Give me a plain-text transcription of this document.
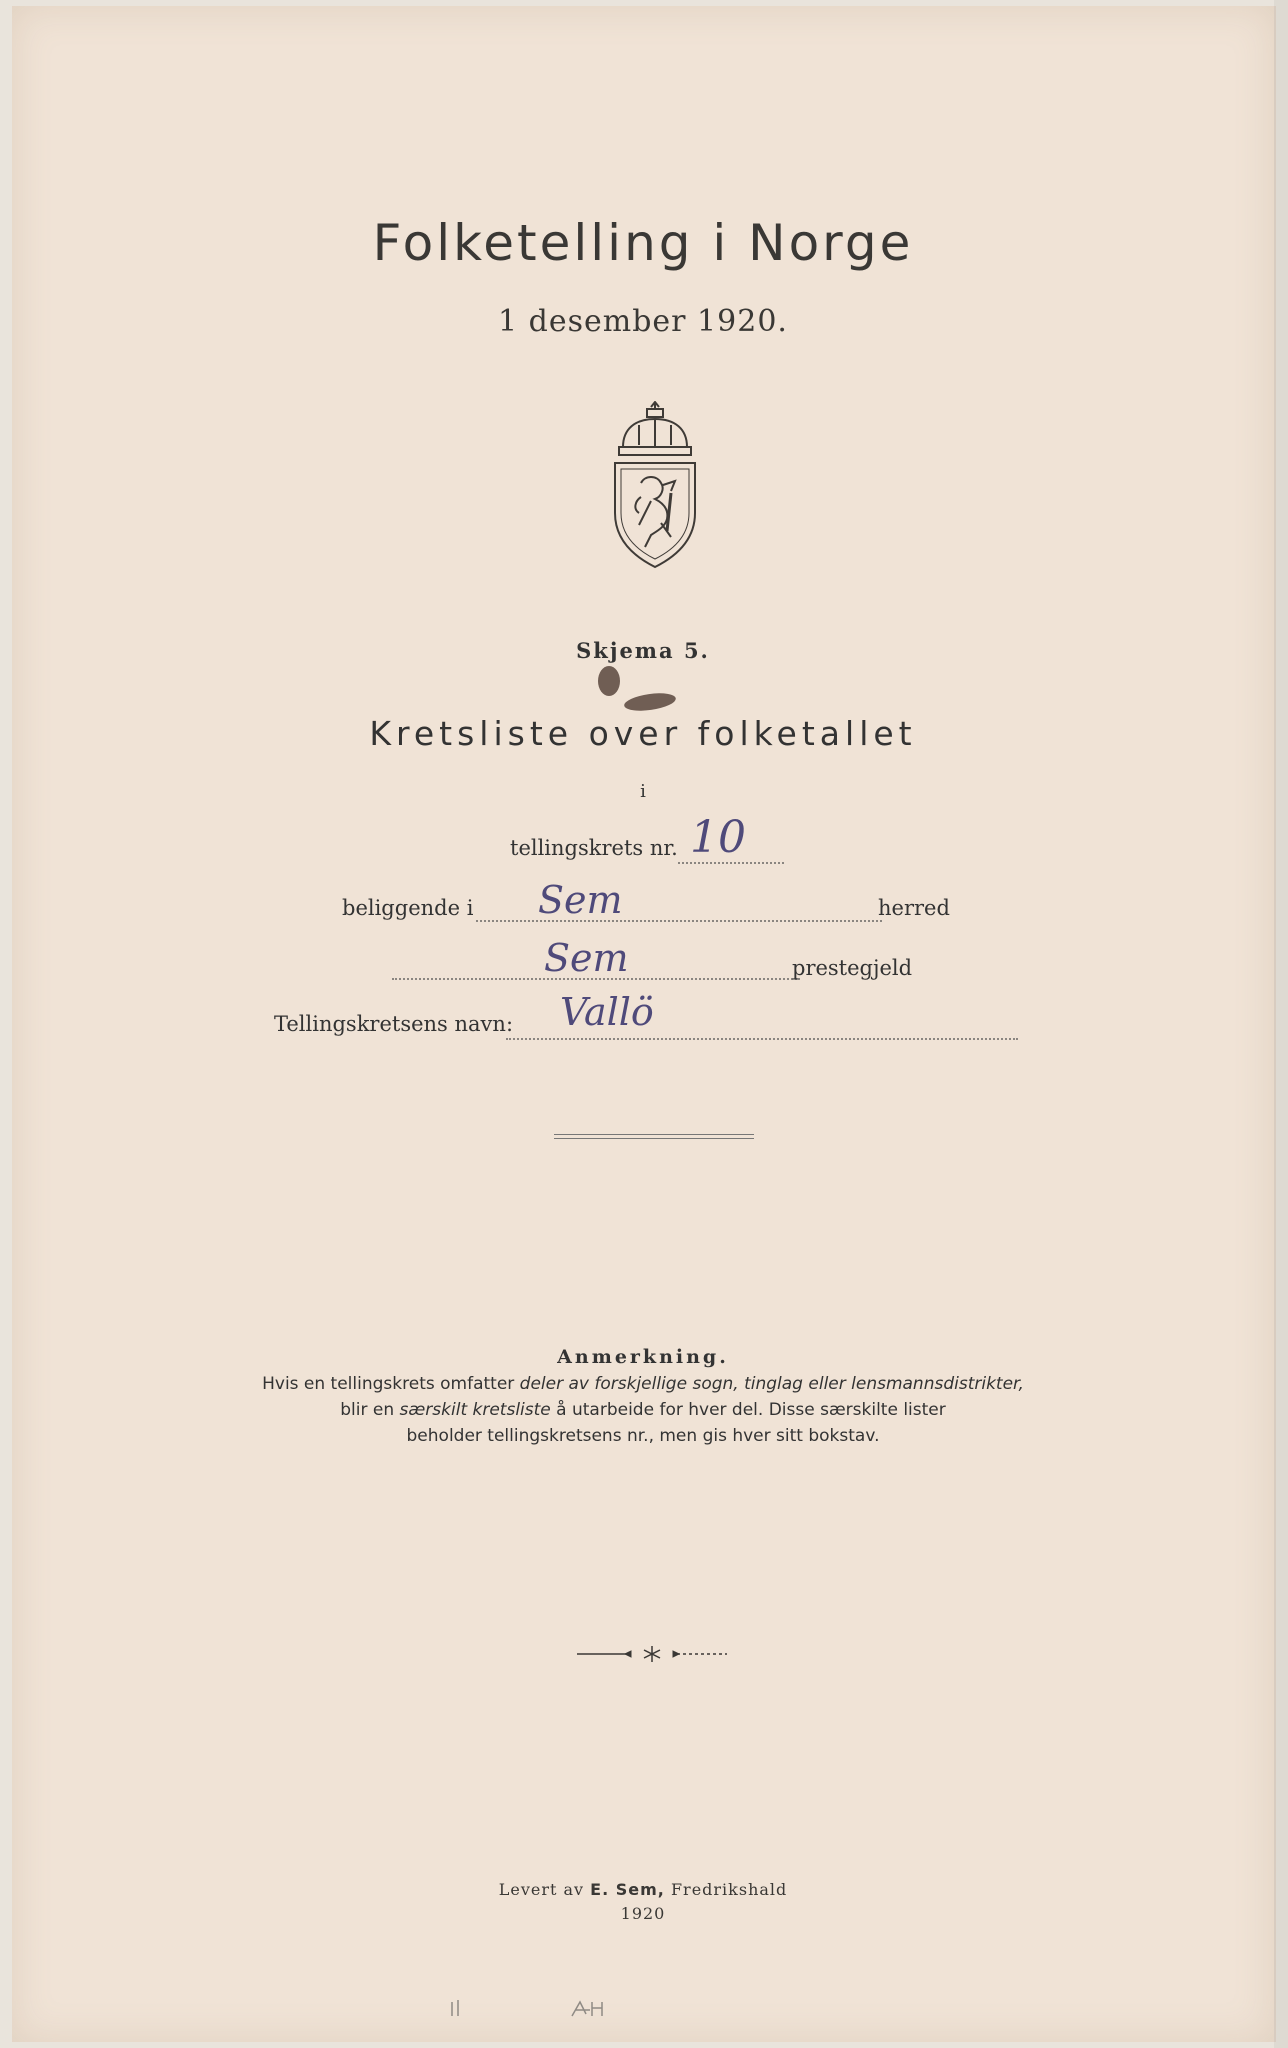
Folketelling i Norge
1 desember 1920.
Skjema 5.
Kretsliste over folketallet
i
tellingskrets nr. 10
beliggende i Sem	herred
Sem	prestegjeld
Tellingskretsens navn: Vallö
Anmerkning.
Hvis en tellingskrets omfatter deler av forskjellige sogn, tinglag eller lensmannsdistrikter,
blir en særskilt kretsliste å utarbeide for hver del. Disse særskilte lister
beholder tellingskretsens nr., men gis hver sitt bokstav.
Levert av E. Sem, Fredrikshald
1920
